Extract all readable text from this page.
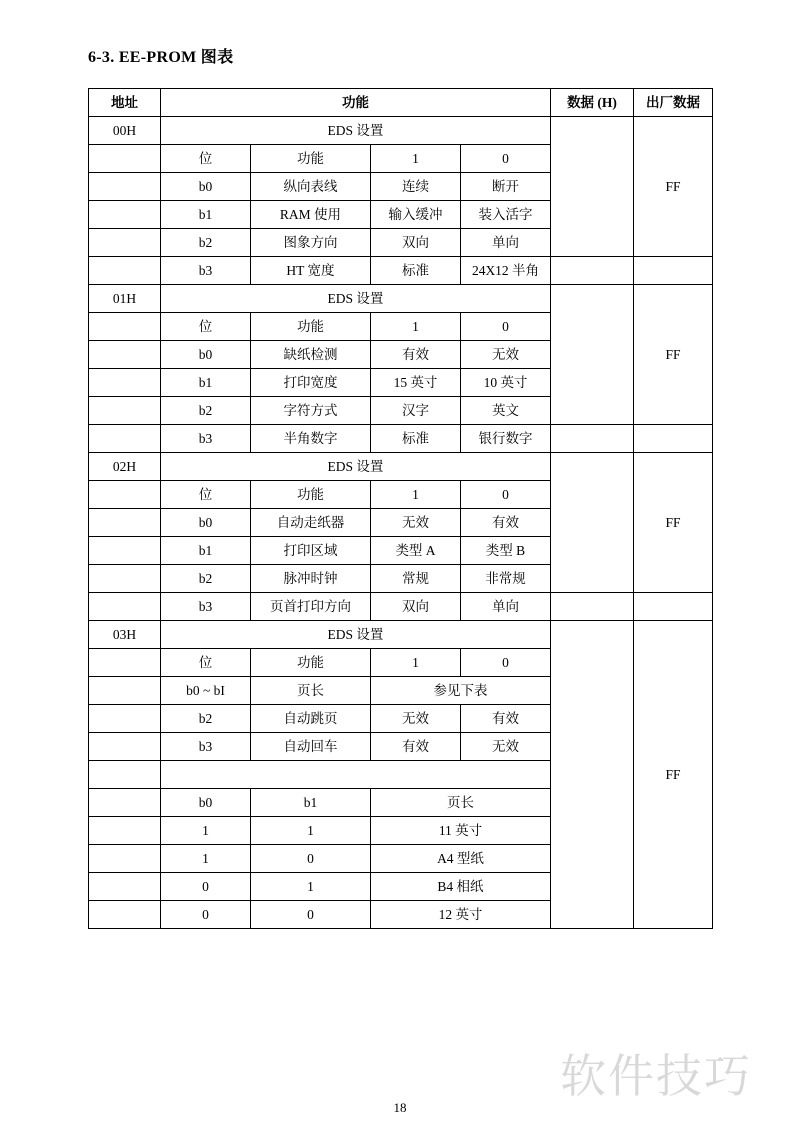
6-3. EE-PROM 图表
地址	功能				数据 (H)	出厂数据
00H	EDS 设置					FF
	位	功能	1	0		
	b0	纵向表线	连续	断开		
	b1	RAM 使用	输入缓冲	装入活字		
	b2	图象方向	双向	单向		
	b3	HT 宽度	标准	24X12 半角		
01H	EDS 设置					FF
	位	功能	1	0		
	b0	缺纸检测	有效	无效		
	b1	打印宽度	15 英寸	10 英寸		
	b2	字符方式	汉字	英文		
	b3	半角数字	标准	银行数字		
02H	EDS 设置					FF
	位	功能	1	0		
	b0	自动走纸器	无效	有效		
	b1	打印区域	类型 A	类型 B		
	b2	脉冲时钟	常规	非常规		
	b3	页首打印方向	双向	单向		
03H	EDS 设置					FF
	位	功能	1	0		
	b0 ~ bI	页长	参见下表			
	b2	自动跳页	无效	有效		
	b3	自动回车	有效	无效		

	b0	b1	页长			
	1	1	11 英寸			
	1	0	A4 型纸			
	0	1	B4 相纸			
	0	0	12 英寸			
软件技巧
18
